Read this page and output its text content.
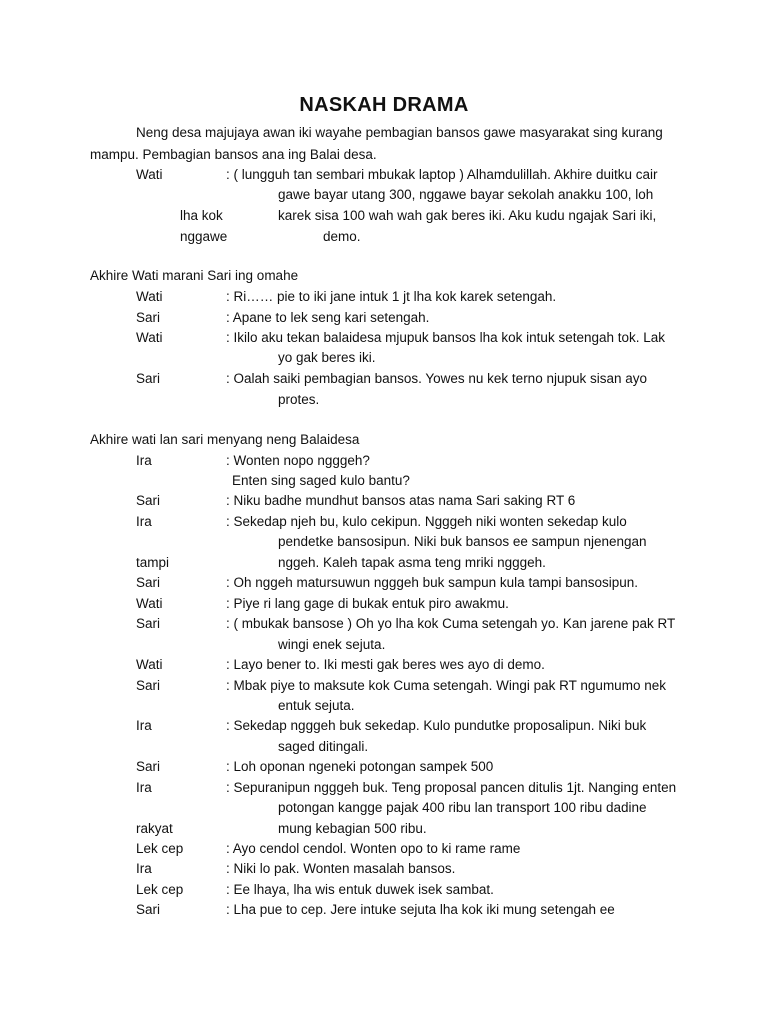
NASKAH DRAMA
Neng desa majujaya awan iki wayahe pembagian bansos gawe masyarakat sing kurang
mampu. Pembagian bansos ana ing Balai desa.
Wati	: ( lungguh tan sembari mbukak laptop ) Alhamdulillah. Akhire duitku cair
gawe bayar utang 300, nggawe bayar sekolah anakku 100, loh
lha kok	karek sisa 100 wah wah gak beres iki. Aku kudu ngajak Sari iki,
nggawe	demo.
Akhire Wati marani Sari ing omahe
Wati	: Ri…… pie to iki jane intuk 1 jt lha kok karek setengah.
Sari	: Apane to lek seng kari setengah.
Wati	: Ikilo aku tekan balaidesa mjupuk bansos lha kok intuk setengah tok. Lak
yo gak beres iki.
Sari	: Oalah saiki pembagian bansos. Yowes nu kek terno njupuk sisan ayo
protes.
Akhire wati lan sari menyang neng Balaidesa
Ira	: Wonten nopo ngggeh?
Enten sing saged kulo bantu?
Sari	: Niku badhe mundhut bansos atas nama Sari saking RT 6
Ira	: Sekedap njeh bu, kulo cekipun. Ngggeh niki wonten sekedap kulo
pendetke bansosipun. Niki buk bansos ee sampun njenengan
tampi	nggeh. Kaleh tapak asma teng mriki ngggeh.
Sari	: Oh nggeh matursuwun ngggeh buk sampun kula tampi bansosipun.
Wati	: Piye ri lang gage di bukak entuk piro awakmu.
Sari	: ( mbukak bansose ) Oh yo lha kok Cuma setengah yo. Kan jarene pak RT
wingi enek sejuta.
Wati	: Layo bener to. Iki mesti gak beres wes ayo di demo.
Sari	: Mbak piye to maksute kok Cuma setengah. Wingi pak RT ngumumo nek
entuk sejuta.
Ira	: Sekedap ngggeh buk sekedap. Kulo pundutke proposalipun. Niki buk
saged ditingali.
Sari	: Loh oponan ngeneki potongan sampek 500
Ira	: Sepuranipun ngggeh buk. Teng proposal pancen ditulis 1jt. Nanging enten
potongan kangge pajak 400 ribu lan transport 100 ribu dadine
rakyat	mung kebagian 500 ribu.
Lek cep	: Ayo cendol cendol. Wonten opo to ki rame rame
Ira	: Niki lo pak. Wonten masalah bansos.
Lek cep	: Ee lhaya, lha wis entuk duwek isek sambat.
Sari	: Lha pue to cep. Jere intuke sejuta lha kok iki mung setengah ee
